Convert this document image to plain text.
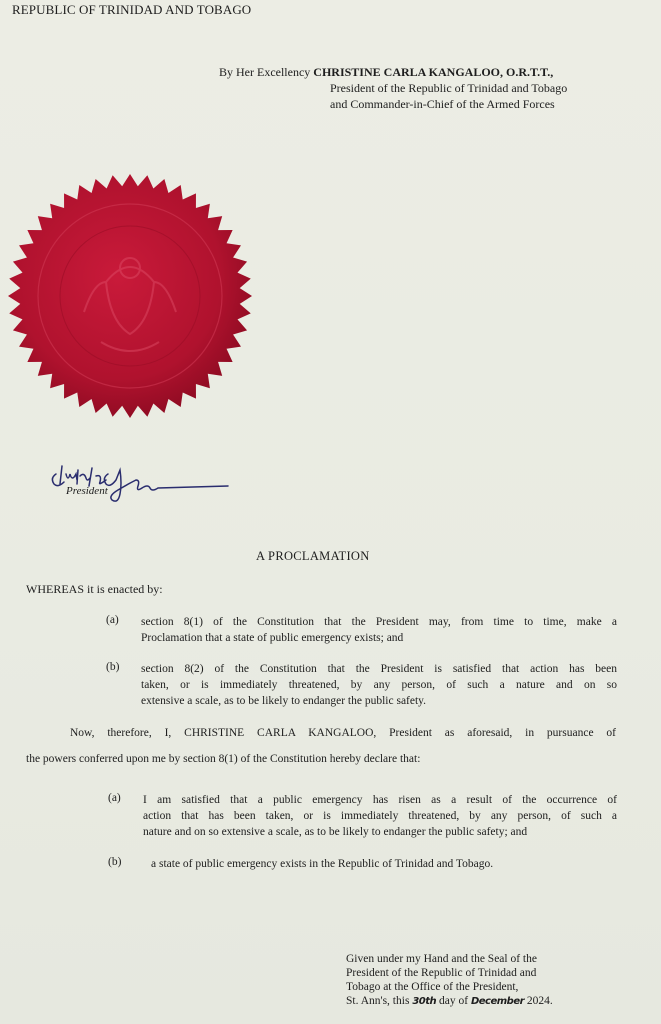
REPUBLIC OF TRINIDAD AND TOBAGO
By Her Excellency CHRISTINE CARLA KANGALOO, O.R.T.T.,
President of the Republic of Trinidad and Tobago
and Commander-in-Chief of the Armed Forces
President
A PROCLAMATION
WHEREAS it is enacted by:
(a) section 8(1) of the Constitution that the President may, from time to time, make a
Proclamation that a state of public emergency exists; and
(b) section 8(2) of the Constitution that the President is satisfied that action has been
taken, or is immediately threatened, by any person, of such a nature and on so
extensive a scale, as to be likely to endanger the public safety.
Now, therefore, I, CHRISTINE CARLA KANGALOO, President as aforesaid, in pursuance of
the powers conferred upon me by section 8(1) of the Constitution hereby declare that:
(a) I am satisfied that a public emergency has risen as a result of the occurrence of
action that has been taken, or is immediately threatened, by any person, of such a
nature and on so extensive a scale, as to be likely to endanger the public safety; and
(b)	a state of public emergency exists in the Republic of Trinidad and Tobago.
Given under my Hand and the Seal of the
President of the Republic of Trinidad and
Tobago at the Office of the President,
St. Ann's, this 30th day of December 2024.
